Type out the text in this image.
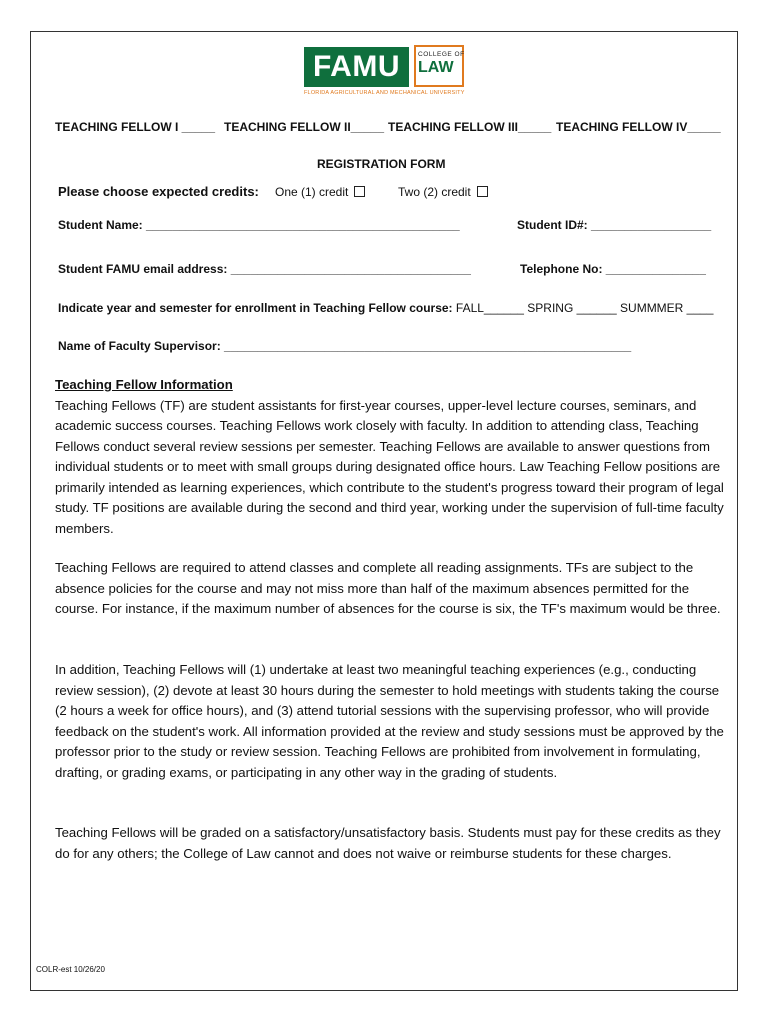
FAMU	COLLEGE OF
LAW
FLORIDA AGRICULTURAL AND MECHANICAL UNIVERSITY
TEACHING FELLOW I _____ TEACHING FELLOW II_____ TEACHING FELLOW III_____ TEACHING FELLOW IV_____
REGISTRATION FORM
Please choose expected credits: One (1) credit	Two (2) credit
Student Name: _______________________________________________	Student ID#: __________________
Student FAMU email address: ____________________________________	Telephone No: _______________
Indicate year and semester for enrollment in Teaching Fellow course: FALL______ SPRING ______ SUMMMER ____
Name of Faculty Supervisor: _____________________________________________________________

Teaching Fellow Information

Teaching Fellows (TF) are student assistants for first-year courses, upper-level lecture courses, seminars, and academic success courses. Teaching Fellows work closely with faculty. In addition to attending class, Teaching Fellows conduct several review sessions per semester. Teaching Fellows are available to answer questions from individual students or to meet with small groups during designated office hours. Law Teaching Fellow positions are primarily intended as learning experiences, which contribute to the student's progress toward their program of legal study. TF positions are available during the second and third year, working under the supervision of full-time faculty members.

Teaching Fellows are required to attend classes and complete all reading assignments. TFs are subject to the absence policies for the course and may not miss more than half of the maximum absences permitted for the course. For instance, if the maximum number of absences for the course is six, the TF's maximum would be three.
In addition, Teaching Fellows will (1) undertake at least two meaningful teaching experiences (e.g., conducting review session), (2) devote at least 30 hours during the semester to hold meetings with students taking the course (2 hours a week for office hours), and (3) attend tutorial sessions with the supervising professor, who will provide feedback on the student's work. All information provided at the review and study sessions must be approved by the professor prior to the study or review session. Teaching Fellows are prohibited from involvement in formulating, drafting, or grading exams, or participating in any other way in the grading of students.
Teaching Fellows will be graded on a satisfactory/unsatisfactory basis. Students must pay for these credits as they do for any others; the College of Law cannot and does not waive or reimburse students for these charges.
COLR-est 10/26/20
